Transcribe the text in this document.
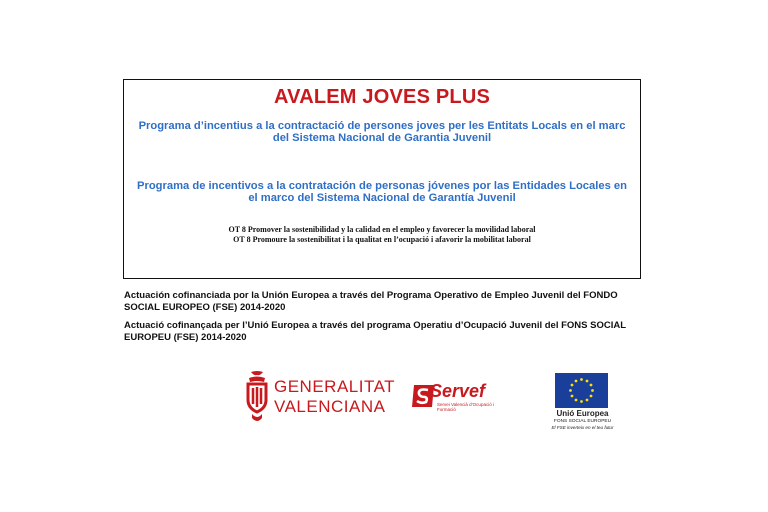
AVALEM JOVES PLUS
Programa d’incentius a la contractació de persones joves per les Entitats Locals en el marc del Sistema Nacional de Garantia Juvenil
Programa de incentivos a la contratación de personas jóvenes por las Entidades Locales en el marco del Sistema Nacional de Garantía Juvenil
OT 8 Promover la sostenibilidad y la calidad en el empleo y favorecer la movilidad laboral
OT 8 Promoure la sostenibilitat i la qualitat en l’ocupació i afavorir la mobilitat laboral
Actuación cofinanciada por la Unión Europea a través del Programa Operativo de Empleo Juvenil del FONDO SOCIAL EUROPEO (FSE) 2014-2020
Actuació cofinançada per l’Unió Europea a través del programa Operatiu d’Ocupació Juvenil del FONS SOCIAL EUROPEU (FSE) 2014-2020
GENERALITAT
VALENCIANA
Servef
Servei Valencià d’Ocupació i Formació	Unió Europea
FONS SOCIAL EUROPEU
El FSE inverteix en el teu futur
